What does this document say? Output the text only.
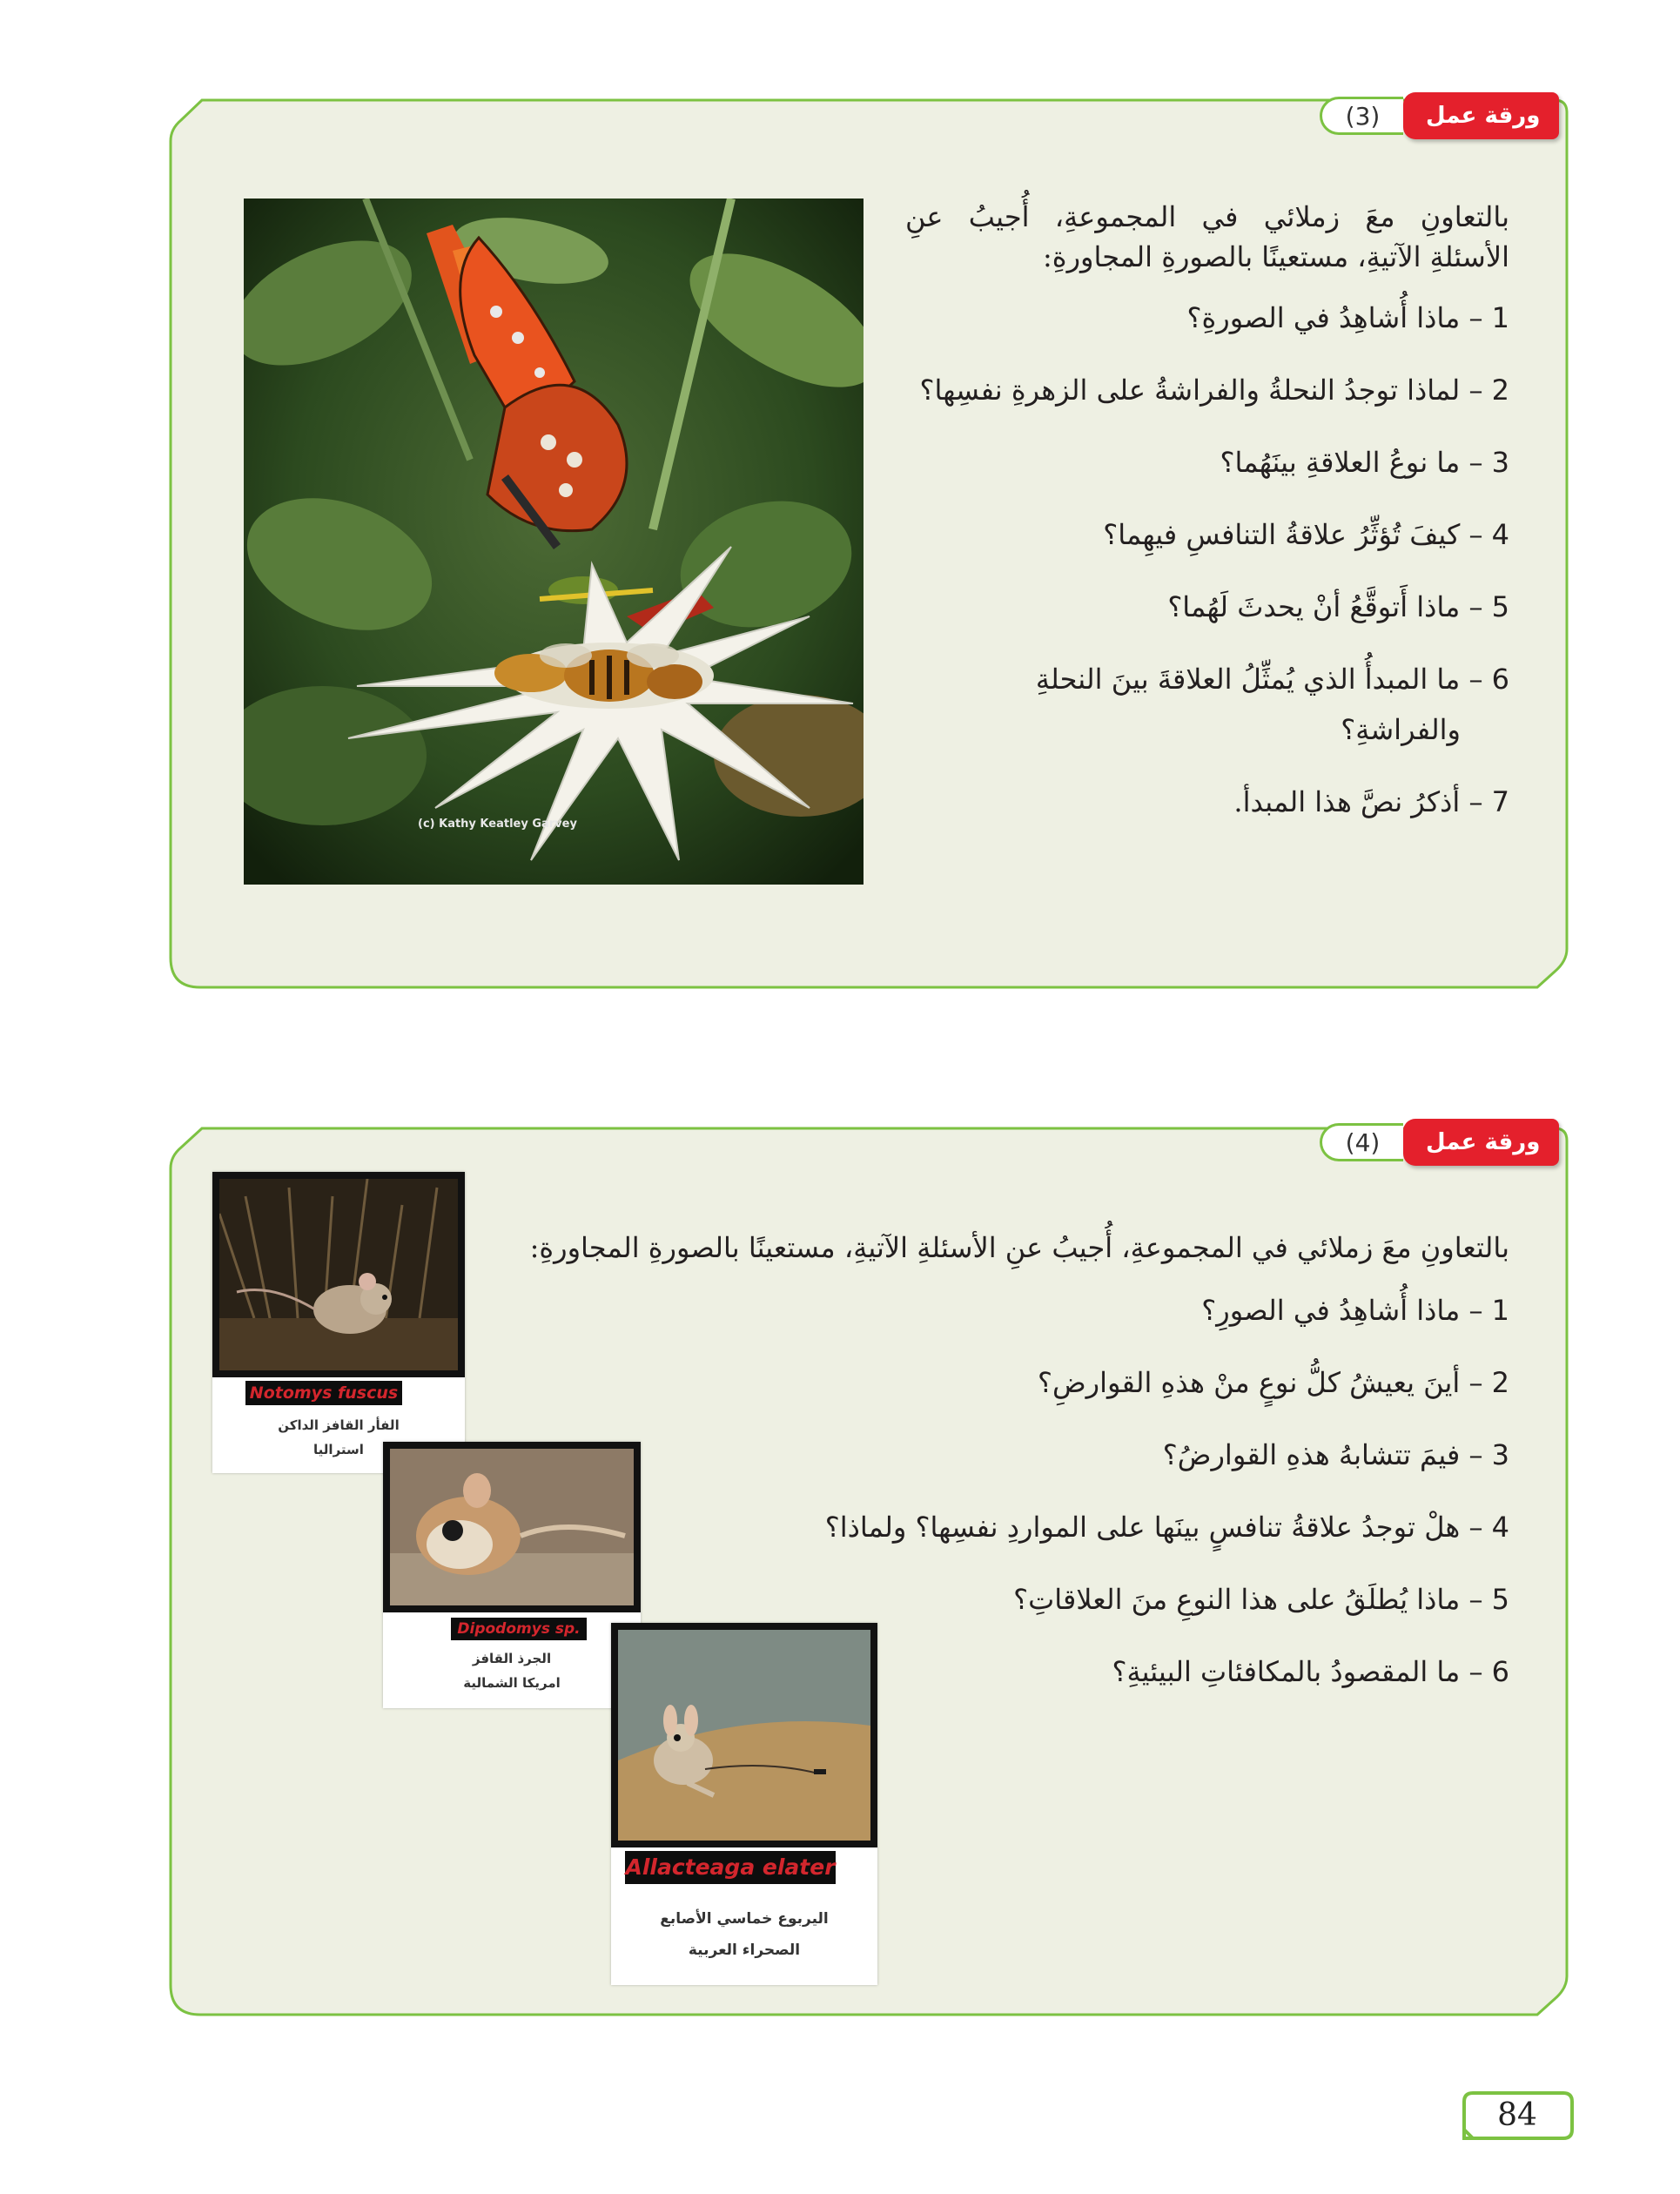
(3)	ورقة عمل

بالتعاونِ معَ زملائي في المجموعةِ، أُجيبُ عنِ

الأسئلةِ الآتيةِ، مستعينًا بالصورةِ المجاورةِ:

1 – ماذا أُشاهِدُ في الصورةِ؟

2 – لماذا توجدُ النحلةُ والفراشةُ على الزهرةِ نفسِها؟

3 – ما نوعُ العلاقةِ بينَهُما؟

4 – كيفَ تُؤثِّرُ علاقةُ التنافسِ فيهِما؟

5 – ماذا أَتوقَّعُ أنْ يحدثَ لَهُما؟

6 – ما المبدأُ الذي يُمثِّلُ العلاقةَ بينَ النحلةِ

والفراشةِ؟

7 – أذكرُ نصَّ هذا المبدأ.

(c) Kathy Keatley Garvey
(4)	ورقة عمل

بالتعاونِ معَ زملائي في المجموعةِ، أُجيبُ عنِ الأسئلةِ الآتيةِ، مستعينًا بالصورةِ المجاورةِ:

1 – ماذا أُشاهِدُ في الصورِ؟

2 – أينَ يعيشُ كلُّ نوعٍ منْ هذهِ القوارضِ؟

3 – فيمَ تتشابهُ هذهِ القوارضُ؟

4 – هلْ توجدُ علاقةُ تنافسٍ بينَها على المواردِ نفسِها؟ ولماذا؟

5 – ماذا يُطلَقُ على هذا النوعِ منَ العلاقاتِ؟

6 – ما المقصودُ بالمكافئاتِ البيئيةِ؟

Notomys fuscus
الفأر القافز الداكن
استراليا
Dipodomys sp.
الجرذ القافز
امريكا الشمالية
Allacteaga elater
اليربوع خماسي الأصابع
الصحراء العربية
84
